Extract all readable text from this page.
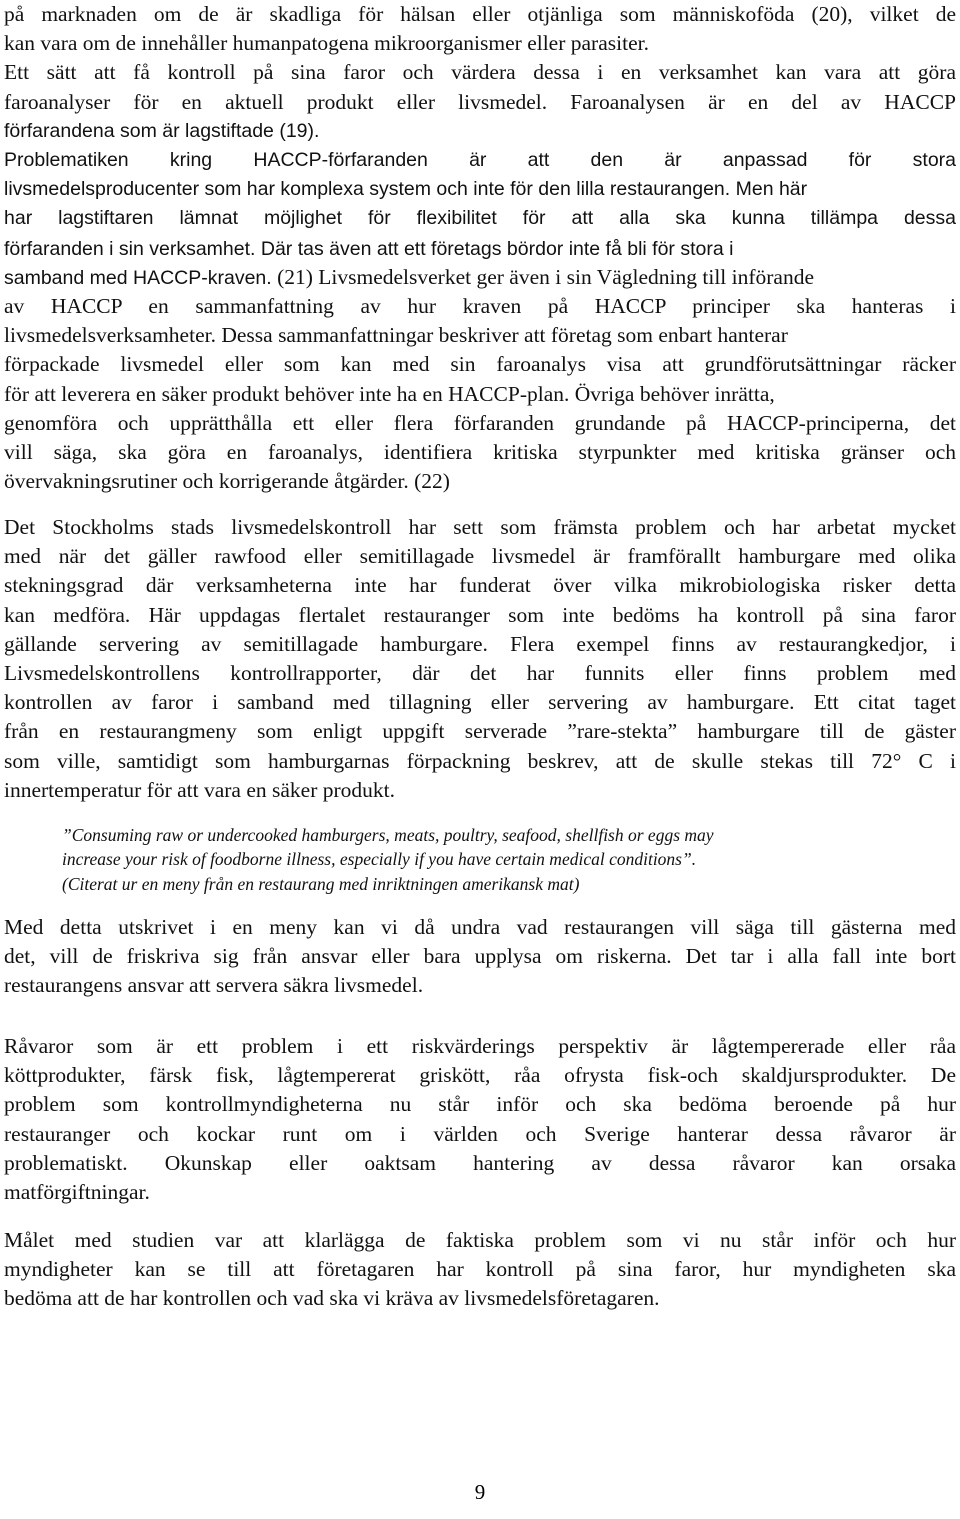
på marknaden om de är skadliga för hälsan eller otjänliga som människoföda (20), vilket de
kan vara om de innehåller humanpatogena mikroorganismer eller parasiter.
Ett sätt att få kontroll på sina faror och värdera dessa i en verksamhet kan vara att göra
faroanalyser för en aktuell produkt eller livsmedel. Faroanalysen är en del av HACCP
förfarandena som är lagstiftade (19).
Problematiken kring HACCP-förfaranden är att den är anpassad för stora
livsmedelsproducenter som har komplexa system och inte för den lilla restaurangen. Men här
har lagstiftaren lämnat möjlighet för flexibilitet för att alla ska kunna tillämpa dessa
förfaranden i sin verksamhet. Där tas även att ett företags bördor inte få bli för stora i
samband med HACCP-kraven. (21) Livsmedelsverket ger även i sin Vägledning till införande
av HACCP en sammanfattning av hur kraven på HACCP principer ska hanteras i
livsmedelsverksamheter. Dessa sammanfattningar beskriver att företag som enbart hanterar
förpackade livsmedel eller som kan med sin faroanalys visa att grundförutsättningar räcker
för att leverera en säker produkt behöver inte ha en HACCP-plan. Övriga behöver inrätta,
genomföra och upprätthålla ett eller flera förfaranden grundande på HACCP-principerna, det
vill säga, ska göra en faroanalys, identifiera kritiska styrpunkter med kritiska gränser och
övervakningsrutiner och korrigerande åtgärder. (22)
Det Stockholms stads livsmedelskontroll har sett som främsta problem och har arbetat mycket
med när det gäller rawfood eller semitillagade livsmedel är framförallt hamburgare med olika
stekningsgrad där verksamheterna inte har funderat över vilka mikrobiologiska risker detta
kan medföra. Här uppdagas flertalet restauranger som inte bedöms ha kontroll på sina faror
gällande servering av semitillagade hamburgare. Flera exempel finns av restaurangkedjor, i
Livsmedelskontrollens kontrollrapporter, där det har funnits eller finns problem med
kontrollen av faror i samband med tillagning eller servering av hamburgare. Ett citat taget
från en restaurangmeny som enligt uppgift serverade ”rare-stekta” hamburgare till de gäster
som ville, samtidigt som hamburgarnas förpackning beskrev, att de skulle stekas till 72° C i
innertemperatur för att vara en säker produkt.
”Consuming raw or undercooked hamburgers, meats, poultry, seafood, shellfish or eggs may
increase your risk of foodborne illness, especially if you have certain medical conditions”.
(Citerat ur en meny från en restaurang med inriktningen amerikansk mat)
Med detta utskrivet i en meny kan vi då undra vad restaurangen vill säga till gästerna med
det, vill de friskriva sig från ansvar eller bara upplysa om riskerna. Det tar i alla fall inte bort
restaurangens ansvar att servera säkra livsmedel.
Råvaror som är ett problem i ett riskvärderings perspektiv är lågtempererade eller råa
köttprodukter, färsk fisk, lågtempererat griskött, råa ofrysta fisk-och skaldjursprodukter. De
problem som kontrollmyndigheterna nu står inför och ska bedöma beroende på hur
restauranger och kockar runt om i världen och Sverige hanterar dessa råvaror är
problematiskt. Okunskap eller oaktsam hantering av dessa råvaror kan orsaka
matförgiftningar.
Målet med studien var att klarlägga de faktiska problem som vi nu står inför och hur
myndigheter kan se till att företagaren har kontroll på sina faror, hur myndigheten ska
bedöma att de har kontrollen och vad ska vi kräva av livsmedelsföretagaren.
9
